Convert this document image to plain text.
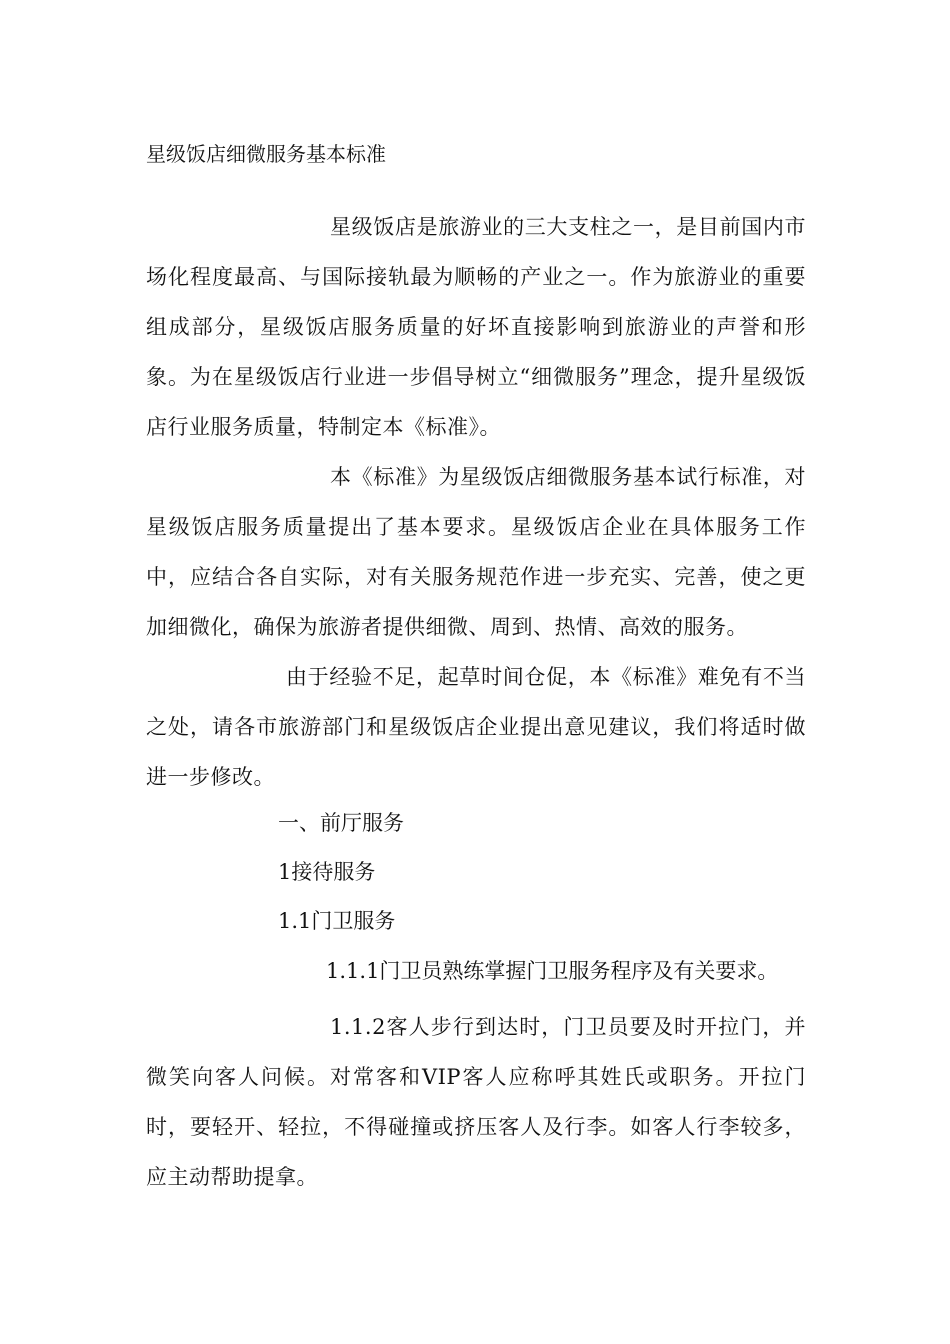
星级饭店细微服务基本标准

星级饭店是旅游业的三大支柱之一，是目前国内市场化程度最高、与国际接轨最为顺畅的产业之一。作为旅游业的重要组成部分，星级饭店服务质量的好坏直接影响到旅游业的声誉和形象。为在星级饭店行业进一步倡导树立“细微服务”理念，提升星级饭店行业服务质量，特制定本《标准》。

本《标准》为星级饭店细微服务基本试行标准，对星级饭店服务质量提出了基本要求。星级饭店企业在具体服务工作中，应结合各自实际，对有关服务规范作进一步充实、完善，使之更加细微化，确保为旅游者提供细微、周到、热情、高效的服务。

由于经验不足，起草时间仓促，本《标准》难免有不当之处，请各市旅游部门和星级饭店企业提出意见建议，我们将适时做进一步修改。

一、前厅服务
1接待服务
1.1门卫服务
1.1.1门卫员熟练掌握门卫服务程序及有关要求。

1.1.2客人步行到达时，门卫员要及时开拉门，并微笑向客人问候。对常客和VIP客人应称呼其姓氏或职务。开拉门时，要轻开、轻拉，不得碰撞或挤压客人及行李。如客人行李较多，应主动帮助提拿。
